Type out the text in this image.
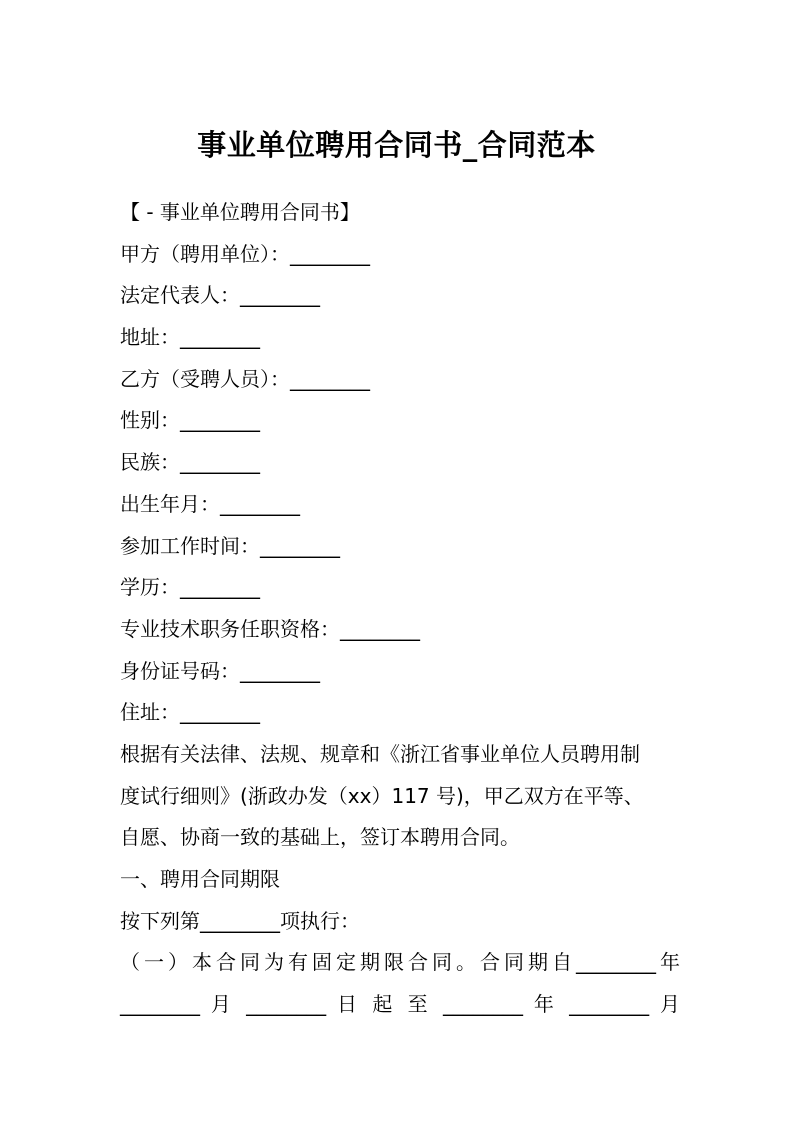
事业单位聘用合同书_合同范本

【 - 事业单位聘用合同书】

甲方（聘用单位）：________

法定代表人：________

地址：________

乙方（受聘人员）：________

性别：________

民族：________

出生年月：________

参加工作时间：________

学历：________

专业技术职务任职资格：________

身份证号码：________

住址：________

根据有关法律、法规、规章和《浙江省事业单位人员聘用制

度试行细则》(浙政办发（xx）117 号)，甲乙双方在平等、

自愿、协商一致的基础上，签订本聘用合同。

一、聘用合同期限

按下列第________项执行：

（一）本合同为有固定期限合同。合同期自________年

________ 月 ________ 日 起 至 ________ 年 ________ 月
